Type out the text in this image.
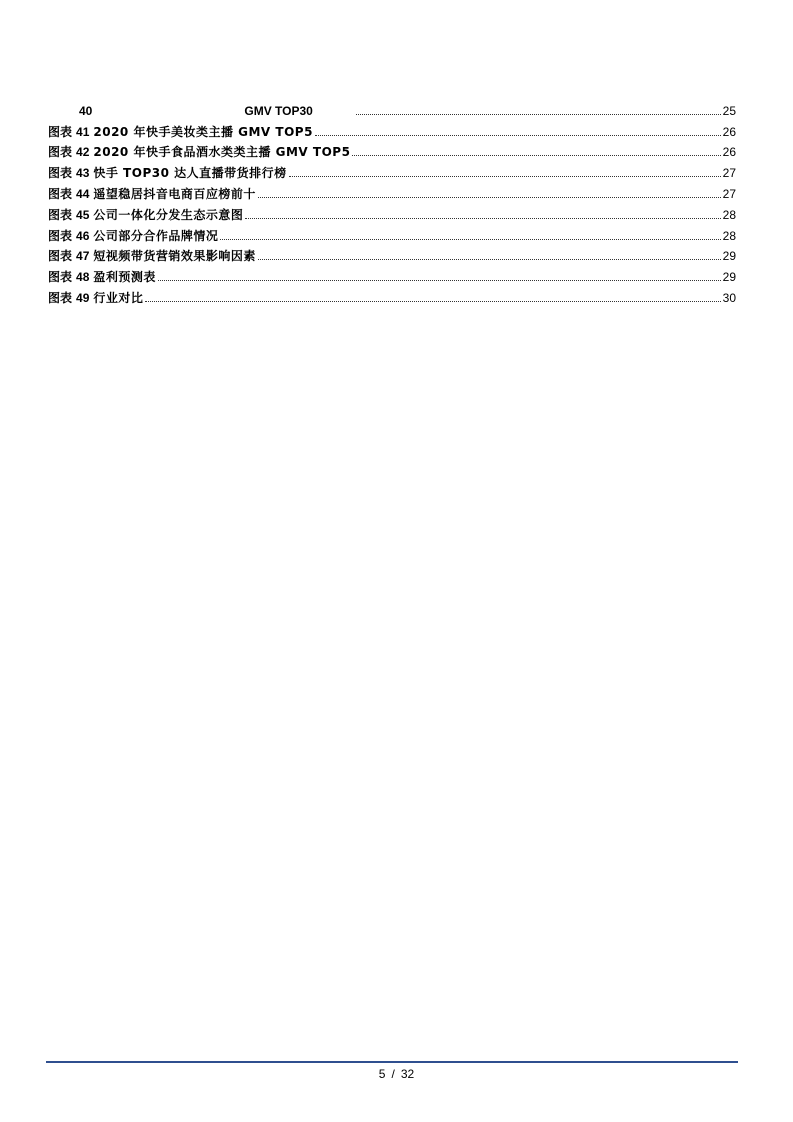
40	GMV TOP30	25
图表 41 2020 年快手美妆类主播 GMV TOP5	26
图表 42 2020 年快手食品酒水类类主播 GMV TOP5	26
图表 43 快手 TOP30 达人直播带货排行榜	27
图表 44 遥望稳居抖音电商百应榜前十	27
图表 45 公司一体化分发生态示意图	28
图表 46 公司部分合作品牌情况	28
图表 47 短视频带货营销效果影响因素	29
图表 48 盈利预测表	29
图表 49 行业对比	30
5 / 32
